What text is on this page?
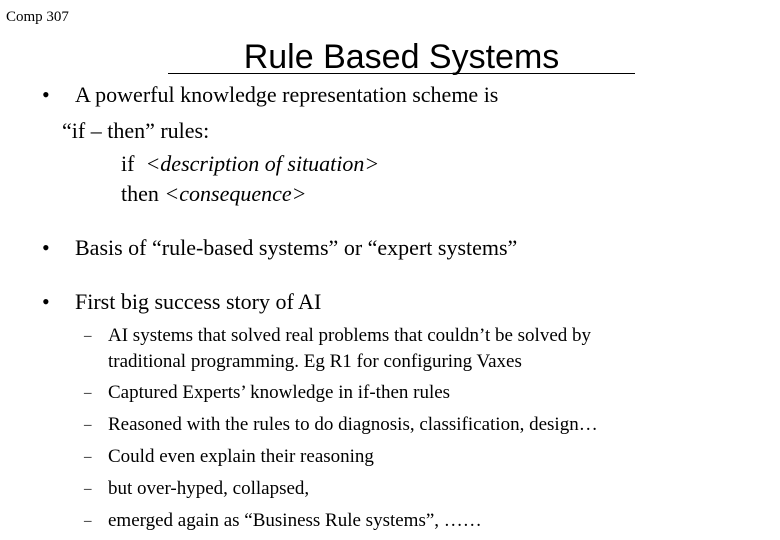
Comp 307
Rule Based Systems
• A powerful knowledge representation scheme is
“if – then” rules:
if <description of situation>
then <consequence>
• Basis of “rule-based systems” or “expert systems”
• First big success story of AI
– AI systems that solved real problems that couldn’t be solved by
traditional programming. Eg R1 for configuring Vaxes
– Captured Experts’ knowledge in if-then rules
– Reasoned with the rules to do diagnosis, classification, design…
– Could even explain their reasoning
– but over-hyped, collapsed,
– emerged again as “Business Rule systems”, ……
